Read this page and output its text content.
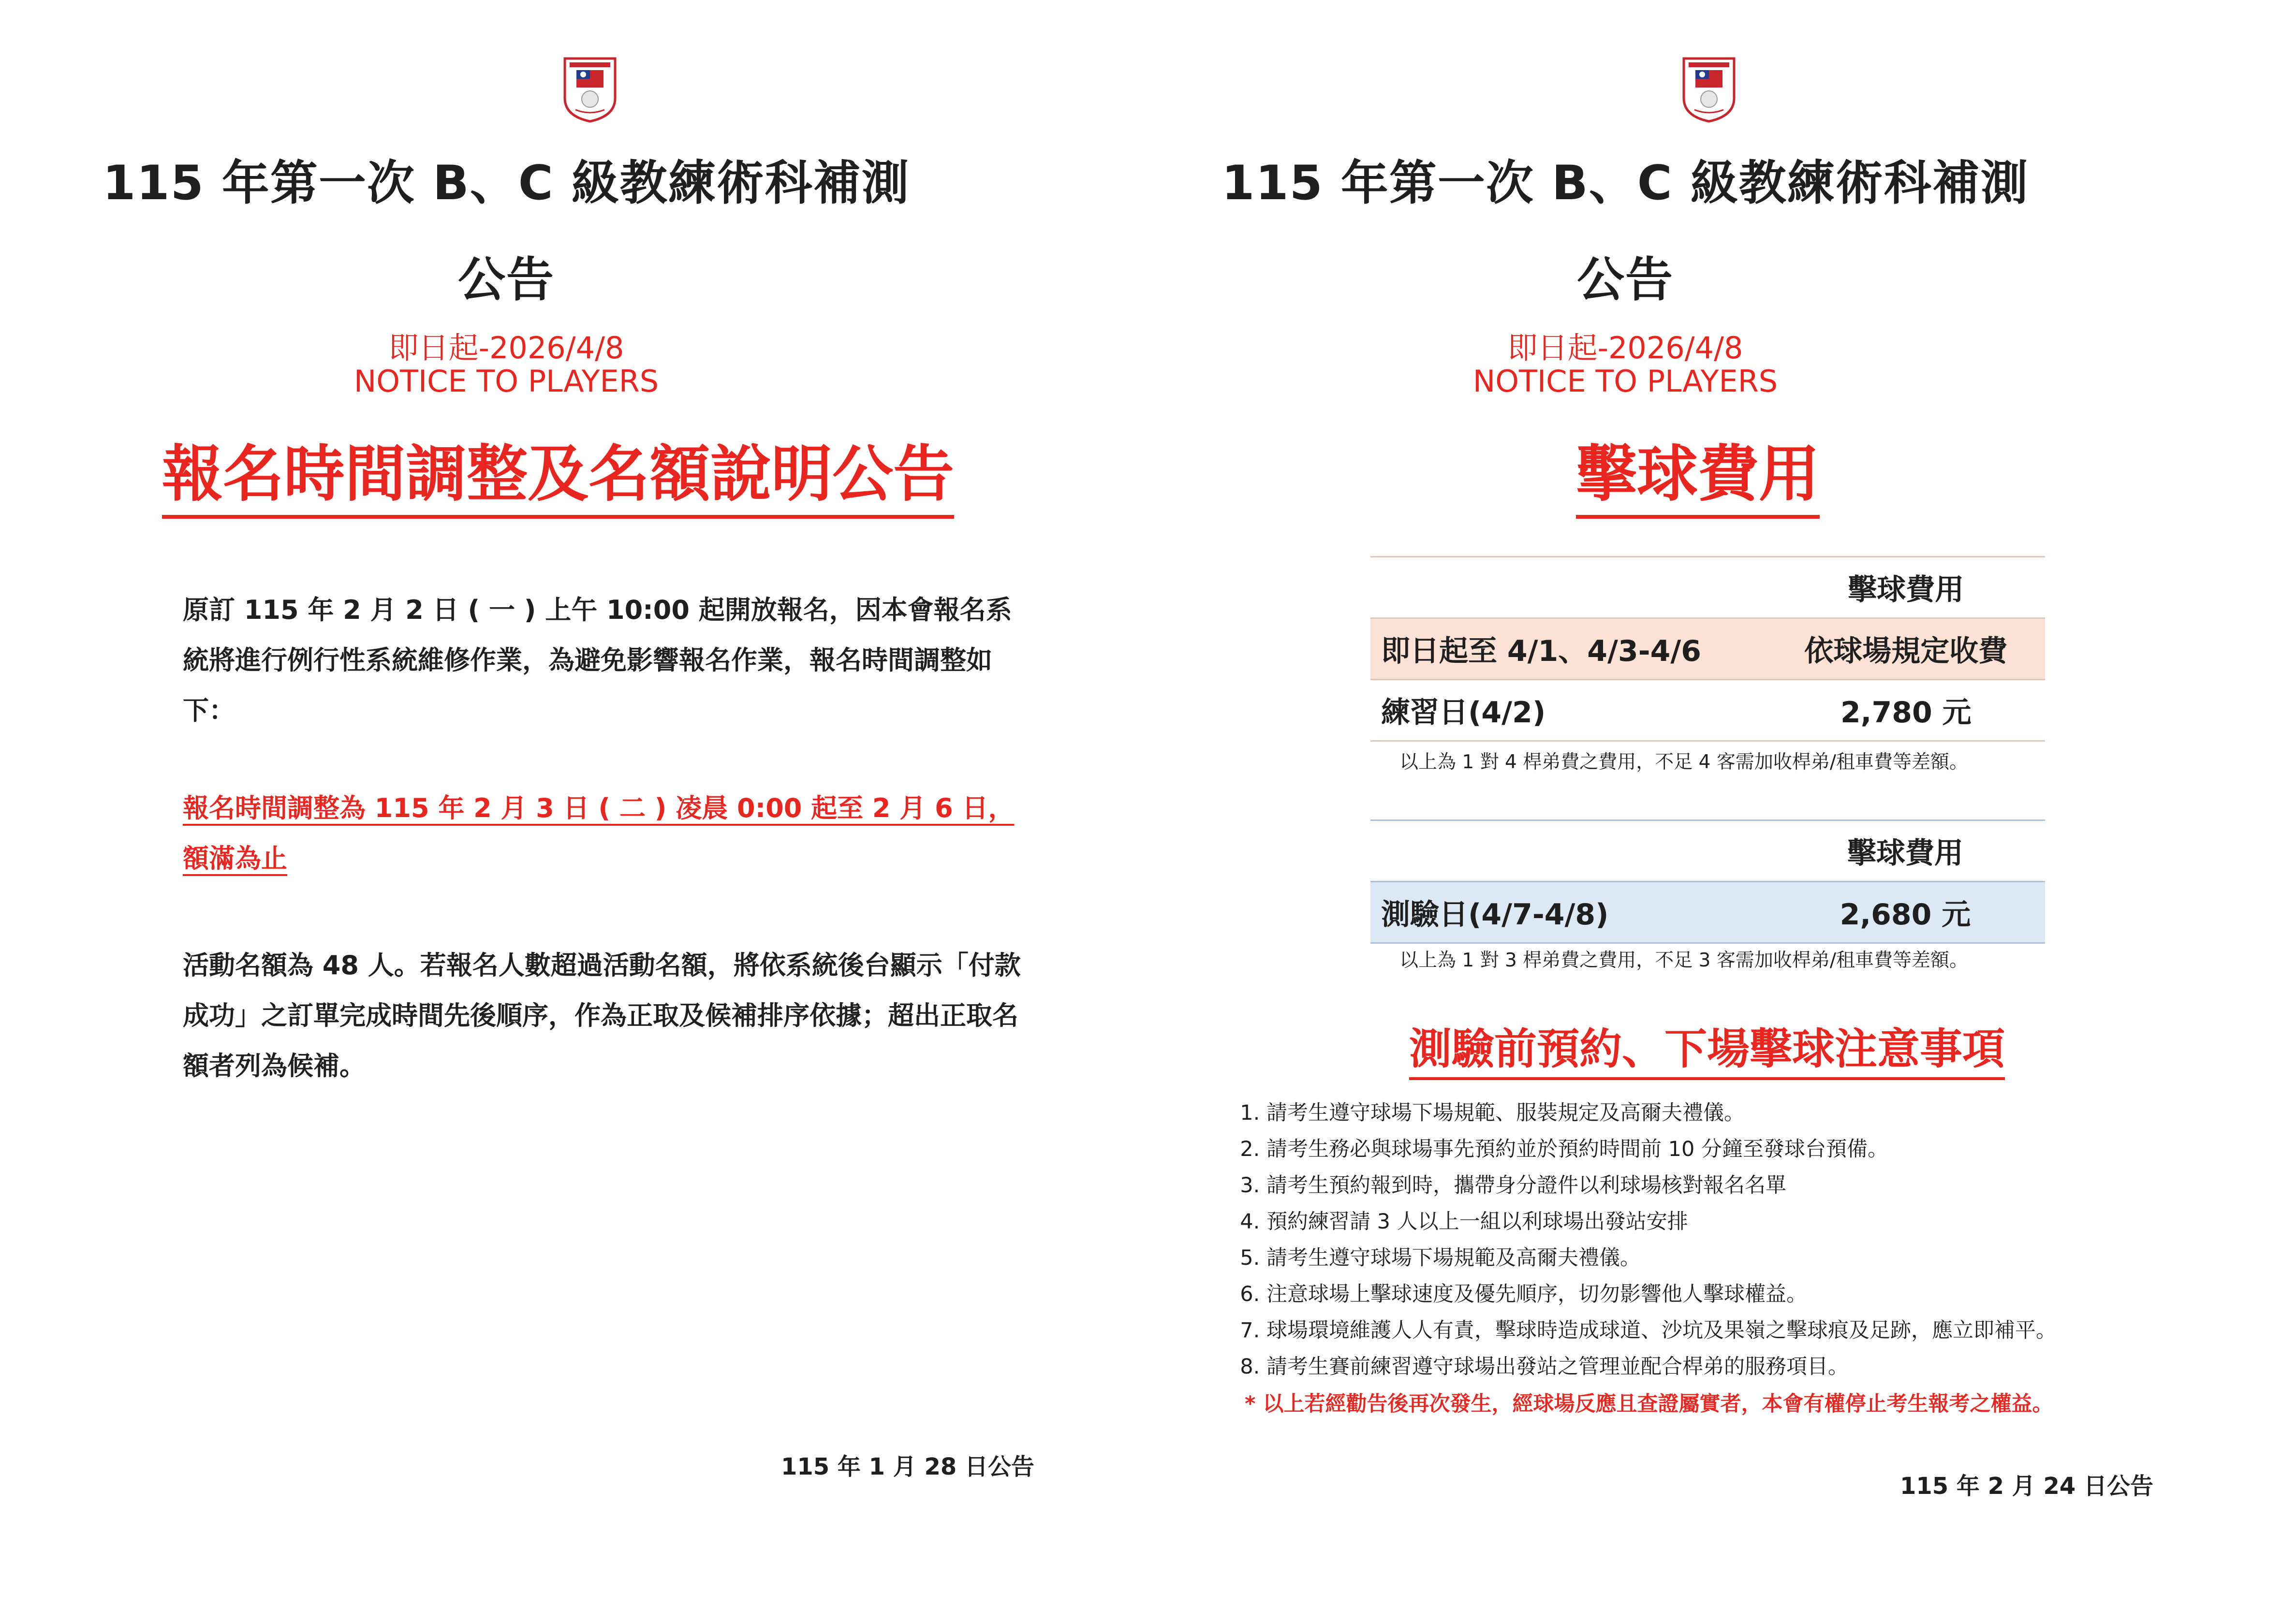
115 年第一次 B、C 級教練術科補測
公告
即日起-2026/4/8
NOTICE TO PLAYERS
報名時間調整及名額說明公告
原訂 115 年 2 月 2 日 ( 一 ) 上午 10:00 起開放報名，因本會報名系統將進行例行性系統維修作業，為避免影響報名作業，報名時間調整如下：
報名時間調整為 115 年 2 月 3 日 ( 二 ) 凌晨 0:00 起至 2 月 6 日，額滿為止
活動名額為 48 人。若報名人數超過活動名額，將依系統後台顯示「付款成功」之訂單完成時間先後順序，作為正取及候補排序依據；超出正取名額者列為候補。
115 年 1 月 28 日公告
115 年第一次 B、C 級教練術科補測
公告
即日起-2026/4/8
NOTICE TO PLAYERS
擊球費用
	擊球費用
即日起至 4/1、4/3-4/6	依球場規定收費
練習日(4/2)	2,780 元
以上為 1 對 4 桿弟費之費用，不足 4 客需加收桿弟/租車費等差額。
	擊球費用
測驗日(4/7-4/8)	2,680 元
以上為 1 對 3 桿弟費之費用，不足 3 客需加收桿弟/租車費等差額。
測驗前預約、下場擊球注意事項
1. 請考生遵守球場下場規範、服裝規定及高爾夫禮儀。
2. 請考生務必與球場事先預約並於預約時間前 10 分鐘至發球台預備。
3. 請考生預約報到時，攜帶身分證件以利球場核對報名名單
4. 預約練習請 3 人以上一組以利球場出發站安排
5. 請考生遵守球場下場規範及高爾夫禮儀。
6. 注意球場上擊球速度及優先順序，切勿影響他人擊球權益。
7. 球場環境維護人人有責，擊球時造成球道、沙坑及果嶺之擊球痕及足跡，應立即補平。
8. 請考生賽前練習遵守球場出發站之管理並配合桿弟的服務項目。
* 以上若經勸告後再次發生，經球場反應且查證屬實者，本會有權停止考生報考之權益。
115 年 2 月 24 日公告
